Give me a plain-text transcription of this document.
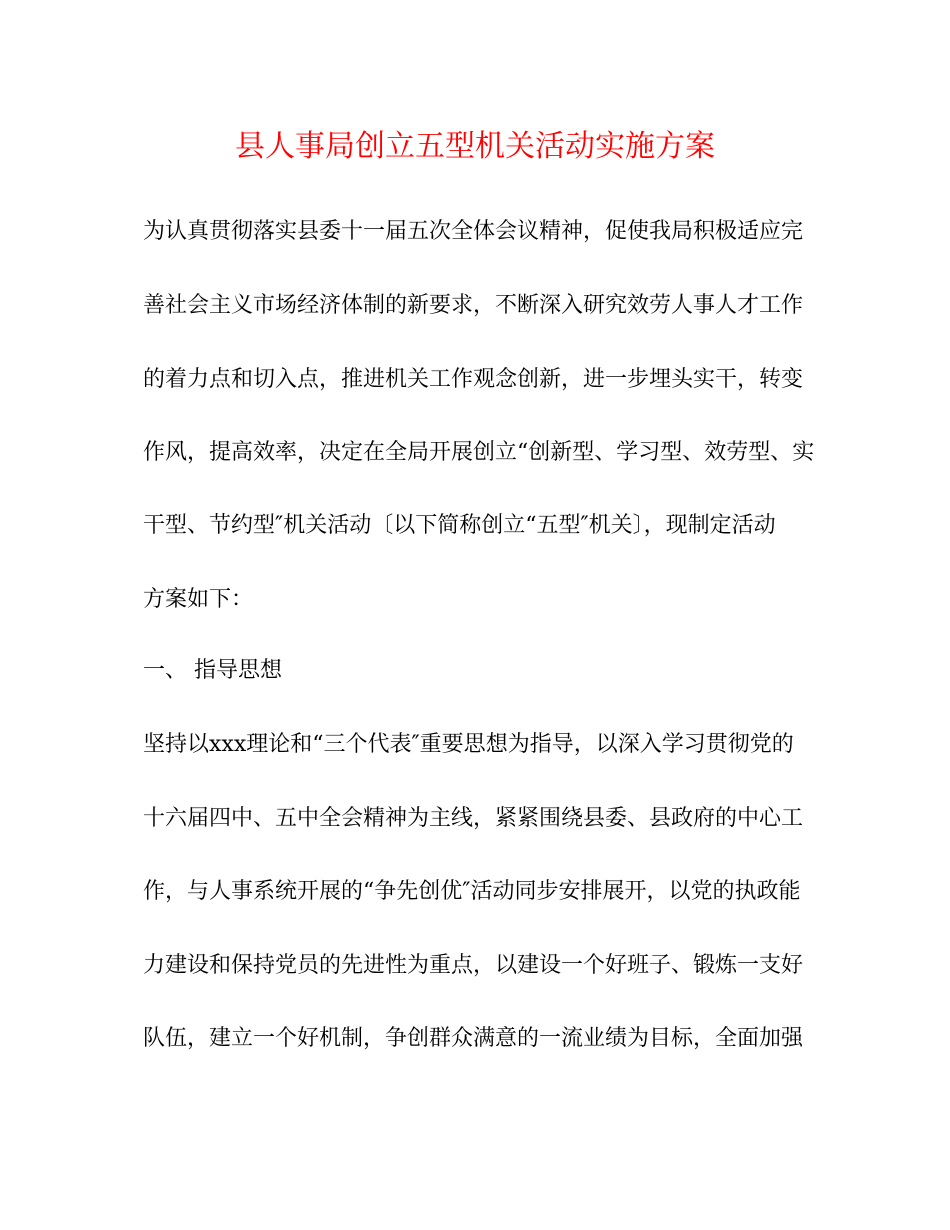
县人事局创立五型机关活动实施方案

为认真贯彻落实县委十一届五次全体会议精神，促使我局积极适应完

善社会主义市场经济体制的新要求，不断深入研究效劳人事人才工作

的着力点和切入点，推进机关工作观念创新，进一步埋头实干，转变

作风，提高效率，决定在全局开展创立“创新型、学习型、效劳型、实

干型、节约型″机关活动〔以下简称创立“五型″机关〕，现制定活动

方案如下：

一、 指导思想

坚持以xxx理论和“三个代表″重要思想为指导，以深入学习贯彻党的

十六届四中、五中全会精神为主线，紧紧围绕县委、县政府的中心工

作，与人事系统开展的“争先创优″活动同步安排展开，以党的执政能

力建设和保持党员的先进性为重点，以建设一个好班子、锻炼一支好

队伍，建立一个好机制，争创群众满意的一流业绩为目标，全面加强
